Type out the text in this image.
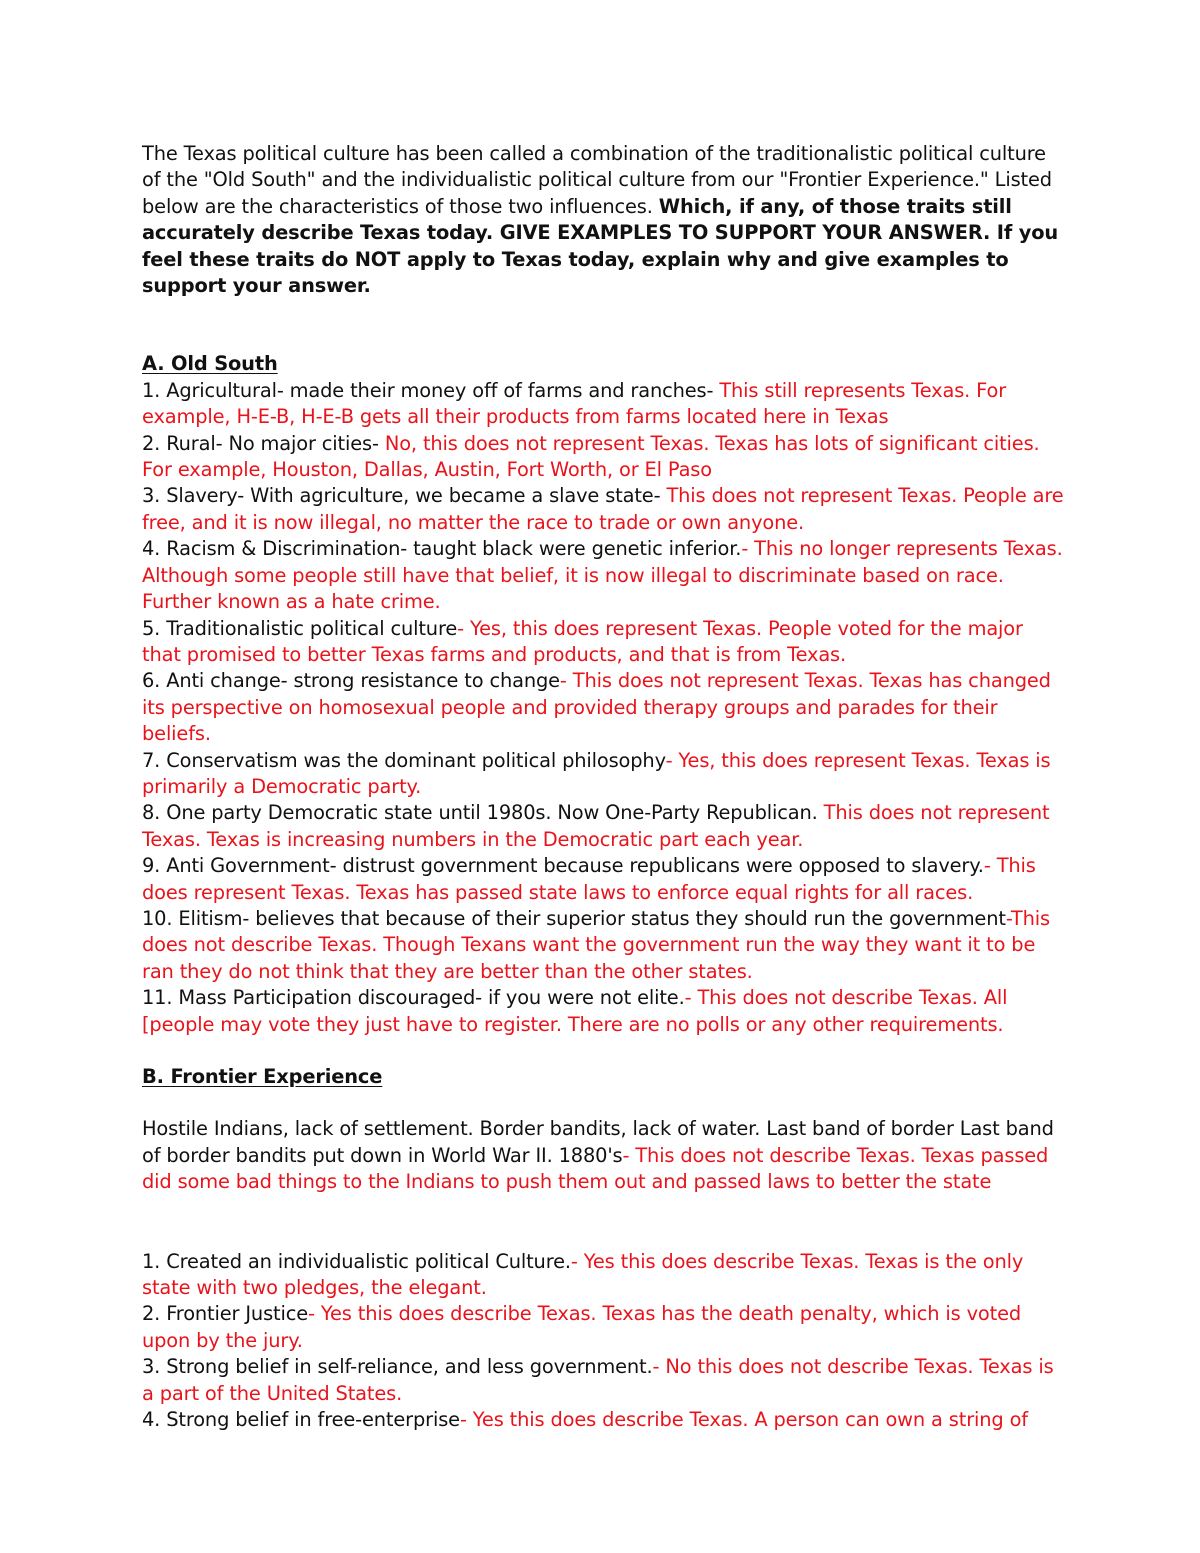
The Texas political culture has been called a combination of the traditionalistic political culture of the "Old South" and the individualistic political culture from our "Frontier Experience." Listed below are the characteristics of those two influences. Which, if any, of those traits still accurately describe Texas today. GIVE EXAMPLES TO SUPPORT YOUR ANSWER. If you feel these traits do NOT apply to Texas today, explain why and give examples to support your answer.

A. Old South

1. Agricultural- made their money off of farms and ranches- This still represents Texas. For example, H-E-B, H-E-B gets all their products from farms located here in Texas

2. Rural- No major cities- No, this does not represent Texas. Texas has lots of significant cities. For example, Houston, Dallas, Austin, Fort Worth, or El Paso

3. Slavery- With agriculture, we became a slave state- This does not represent Texas. People are free, and it is now illegal, no matter the race to trade or own anyone.

4. Racism & Discrimination- taught black were genetic inferior.- This no longer represents Texas. Although some people still have that belief, it is now illegal to discriminate based on race. Further known as a hate crime.

5. Traditionalistic political culture- Yes, this does represent Texas. People voted for the major that promised to better Texas farms and products, and that is from Texas.

6. Anti change- strong resistance to change- This does not represent Texas. Texas has changed its perspective on homosexual people and provided therapy groups and parades for their beliefs.

7. Conservatism was the dominant political philosophy- Yes, this does represent Texas. Texas is primarily a Democratic party.

8. One party Democratic state until 1980s. Now One-Party Republican. This does not represent Texas. Texas is increasing numbers in the Democratic part each year.

9. Anti Government- distrust government because republicans were opposed to slavery.- This does represent Texas. Texas has passed state laws to enforce equal rights for all races.

10. Elitism- believes that because of their superior status they should run the government-This does not describe Texas. Though Texans want the government run the way they want it to be ran they do not think that they are better than the other states.

11. Mass Participation discouraged- if you were not elite.- This does not describe Texas. All [people may vote they just have to register. There are no polls or any other requirements.

B. Frontier Experience

Hostile Indians, lack of settlement. Border bandits, lack of water. Last band of border Last band of border bandits put down in World War II. 1880's- This does not describe Texas. Texas passed did some bad things to the Indians to push them out and passed laws to better the state

1. Created an individualistic political Culture.- Yes this does describe Texas. Texas is the only state with two pledges, the elegant.

2. Frontier Justice- Yes this does describe Texas. Texas has the death penalty, which is voted upon by the jury.

3. Strong belief in self-reliance, and less government.- No this does not describe Texas. Texas is a part of the United States.

4. Strong belief in free-enterprise- Yes this does describe Texas. A person can own a string of
